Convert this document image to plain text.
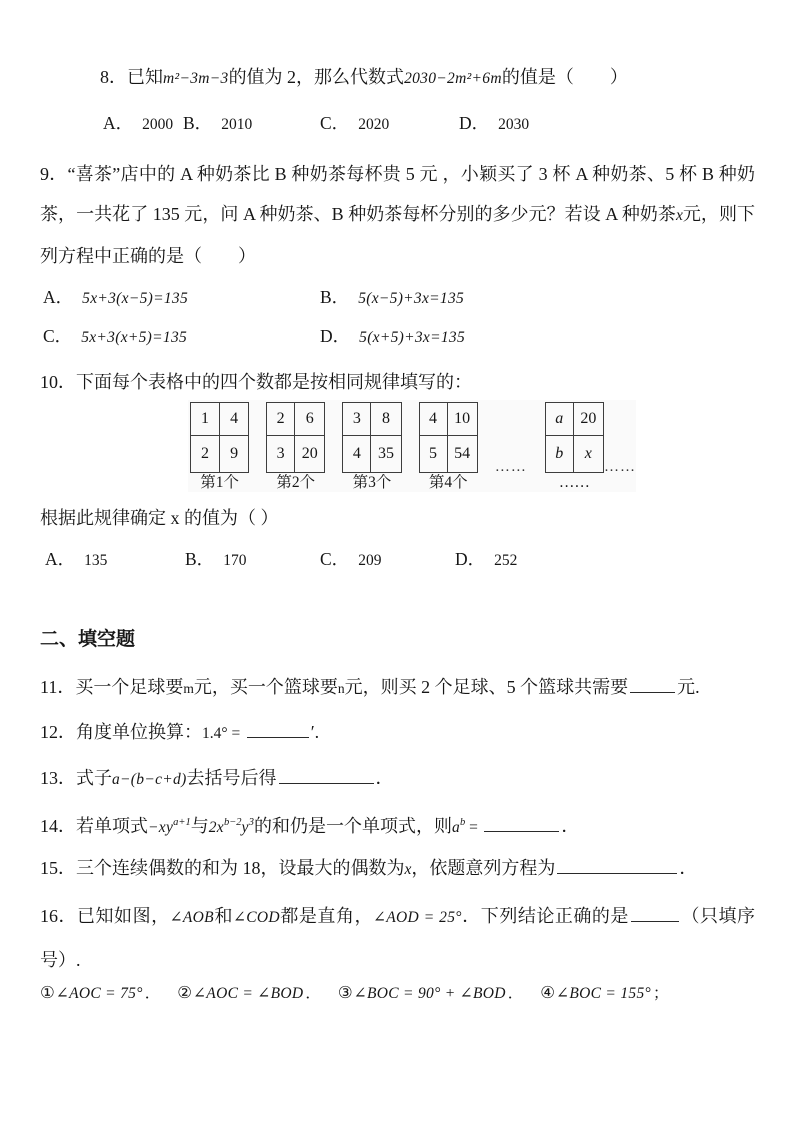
8．已知m²−3m−3的值为 2，那么代数式2030−2m²+6m的值是（　　）

A． 2000 B． 2010	C． 2020	D． 2030

9．“喜茶”店中的 A 种奶茶比 B 种奶茶每杯贵 5 元 ，小颖买了 3 杯 A 种奶茶、5 杯 B 种奶茶，一共花了 135 元，问 A 种奶茶、B 种奶茶每杯分别的多少元？若设 A 种奶茶x元，则下列方程中正确的是（　　）

A． 5x+3(x−5)=135	B． 5(x−5)+3x=135
C． 5x+3(x+5)=135	D． 5(x+5)+3x=135

10．下面每个表格中的四个数都是按相同规律填写的：

1	4
2	9
第1个
2	6
3	20
第2个
3	8
4	35
第3个
4	10
5	54
第4个
……
a	20
b	x
……
……

根据此规律确定 x 的值为（ ）

A． 135	B． 170	C． 209	D． 252

二、填空题

11．买一个足球要m元，买一个篮球要n元，则买 2 个足球、5 个篮球共需要	元.

12．角度单位换算：1.4° =	′.

13．式子a−(b−c+d)去括号后得	．

14．若单项式$-xy^{a+1}$与$2x^{b-2}y^3$的和仍是一个单项式，则$a^b$ =	．

15．三个连续偶数的和为 18，设最大的偶数为x，依题意列方程为	．

16．已知如图，∠AOB和∠COD都是直角，∠AOD = 25°．下列结论正确的是	（只填序号）.

①∠AOC = 75° ． ②∠AOC = ∠BOD ． ③∠BOC = 90° + ∠BOD ． ④∠BOC = 155° ；
